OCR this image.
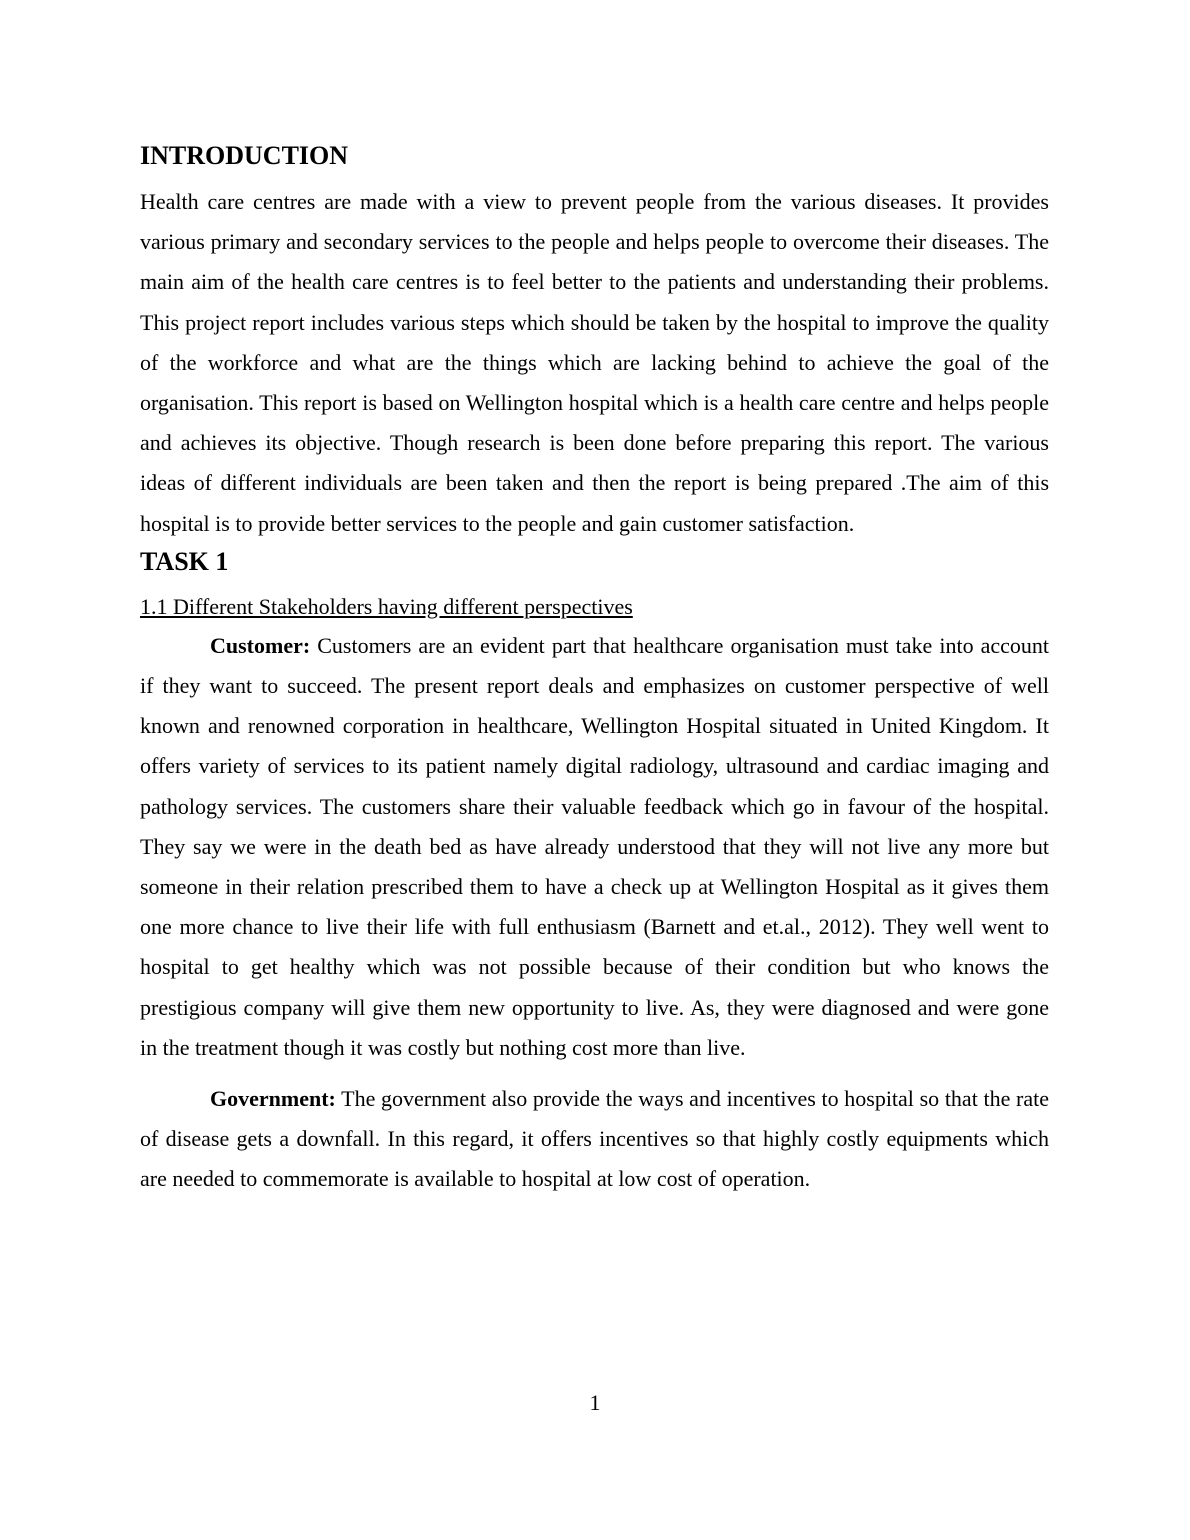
INTRODUCTION

Health care centres are made with a view to prevent people from the various diseases. It provides various primary and secondary services to the people and helps people to overcome their diseases. The main aim of the health care centres is to feel better to the patients and understanding their problems. This project report includes various steps which should be taken by the hospital to improve the quality of the workforce and what are the things which are lacking behind to achieve the goal of the organisation. This report is based on Wellington hospital which is a health care centre and helps people and achieves its objective. Though research is been done before preparing this report. The various ideas of different individuals are been taken and then the report is being prepared .The aim of this hospital is to provide better services to the people and gain customer satisfaction.

TASK 1

1.1 Different Stakeholders having different perspectives

Customer: Customers are an evident part that healthcare organisation must take into account if they want to succeed. The present report deals and emphasizes on customer perspective of well known and renowned corporation in healthcare, Wellington Hospital situated in United Kingdom. It offers variety of services to its patient namely digital radiology, ultrasound and cardiac imaging and pathology services. The customers share their valuable feedback which go in favour of the hospital. They say we were in the death bed as have already understood that they will not live any more but someone in their relation prescribed them to have a check up at Wellington Hospital as it gives them one more chance to live their life with full enthusiasm (Barnett and et.al., 2012). They well went to hospital to get healthy which was not possible because of their condition but who knows the prestigious company will give them new opportunity to live. As, they were diagnosed and were gone in the treatment though it was costly but nothing cost more than live.

Government: The government also provide the ways and incentives to hospital so that the rate of disease gets a downfall. In this regard, it offers incentives so that highly costly equipments which are needed to commemorate is available to hospital at low cost of operation.

1
